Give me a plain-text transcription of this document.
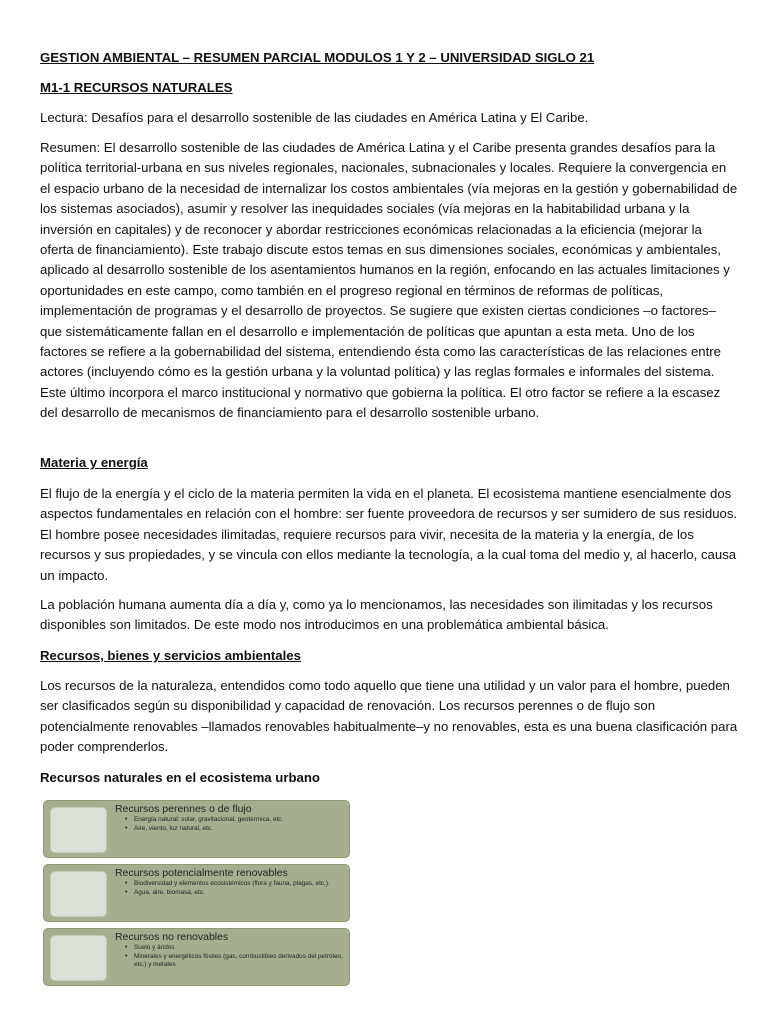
GESTION AMBIENTAL – RESUMEN PARCIAL MODULOS 1 Y 2 – UNIVERSIDAD SIGLO 21

M1-1 RECURSOS NATURALES

Lectura: Desafíos para el desarrollo sostenible de las ciudades en América Latina y El Caribe.

Resumen: El desarrollo sostenible de las ciudades de América Latina y el Caribe presenta grandes desafíos para la política territorial-urbana en sus niveles regionales, nacionales, subnacionales y locales. Requiere la convergencia en el espacio urbano de la necesidad de internalizar los costos ambientales (vía mejoras en la gestión y gobernabilidad de los sistemas asociados), asumir y resolver las inequidades sociales (vía mejoras en la habitabilidad urbana y la inversión en capitales) y de reconocer y abordar restricciones económicas relacionadas a la eficiencia (mejorar la oferta de financiamiento). Este trabajo discute estos temas en sus dimensiones sociales, económicas y ambientales, aplicado al desarrollo sostenible de los asentamientos humanos en la región, enfocando en las actuales limitaciones y oportunidades en este campo, como también en el progreso regional en términos de reformas de políticas, implementación de programas y el desarrollo de proyectos. Se sugiere que existen ciertas condiciones –o factores– que sistemáticamente fallan en el desarrollo e implementación de políticas que apuntan a esta meta. Uno de los factores se refiere a la gobernabilidad del sistema, entendiendo ésta como las características de las relaciones entre actores (incluyendo cómo es la gestión urbana y la voluntad política) y las reglas formales e informales del sistema. Este último incorpora el marco institucional y normativo que gobierna la política. El otro factor se refiere a la escasez del desarrollo de mecanismos de financiamiento para el desarrollo sostenible urbano.

Materia y energía

El flujo de la energía y el ciclo de la materia permiten la vida en el planeta. El ecosistema mantiene esencialmente dos aspectos fundamentales en relación con el hombre: ser fuente proveedora de recursos y ser sumidero de sus residuos. El hombre posee necesidades ilimitadas, requiere recursos para vivir, necesita de la materia y la energía, de los recursos y sus propiedades, y se vincula con ellos mediante la tecnología, a la cual toma del medio y, al hacerlo, causa un impacto.

La población humana aumenta día a día y, como ya lo mencionamos, las necesidades son ilimitadas y los recursos disponibles son limitados. De este modo nos introducimos en una problemática ambiental básica.

Recursos, bienes y servicios ambientales

Los recursos de la naturaleza, entendidos como todo aquello que tiene una utilidad y un valor para el hombre, pueden ser clasificados según su disponibilidad y capacidad de renovación. Los recursos perennes o de flujo son potencialmente renovables –llamados renovables habitualmente–y no renovables, esta es una buena clasificación para poder comprenderlos.

Recursos naturales en el ecosistema urbano

Recursos perennes o de flujo
• Energía natural: solar, gravitacional, geotérmica, etc.
• Aire, viento, luz natural, etc.
Recursos potencialmente renovables
• Biodiversidad y elementos ecosistémicos (flora y fauna, plagas, etc.).
• Agua, aire, biomasa, etc.
Recursos no renovables
• Suelo y áridos
• Minerales y energéticos fósiles (gas, combustibles derivados del petróleo, etc.) y metales
